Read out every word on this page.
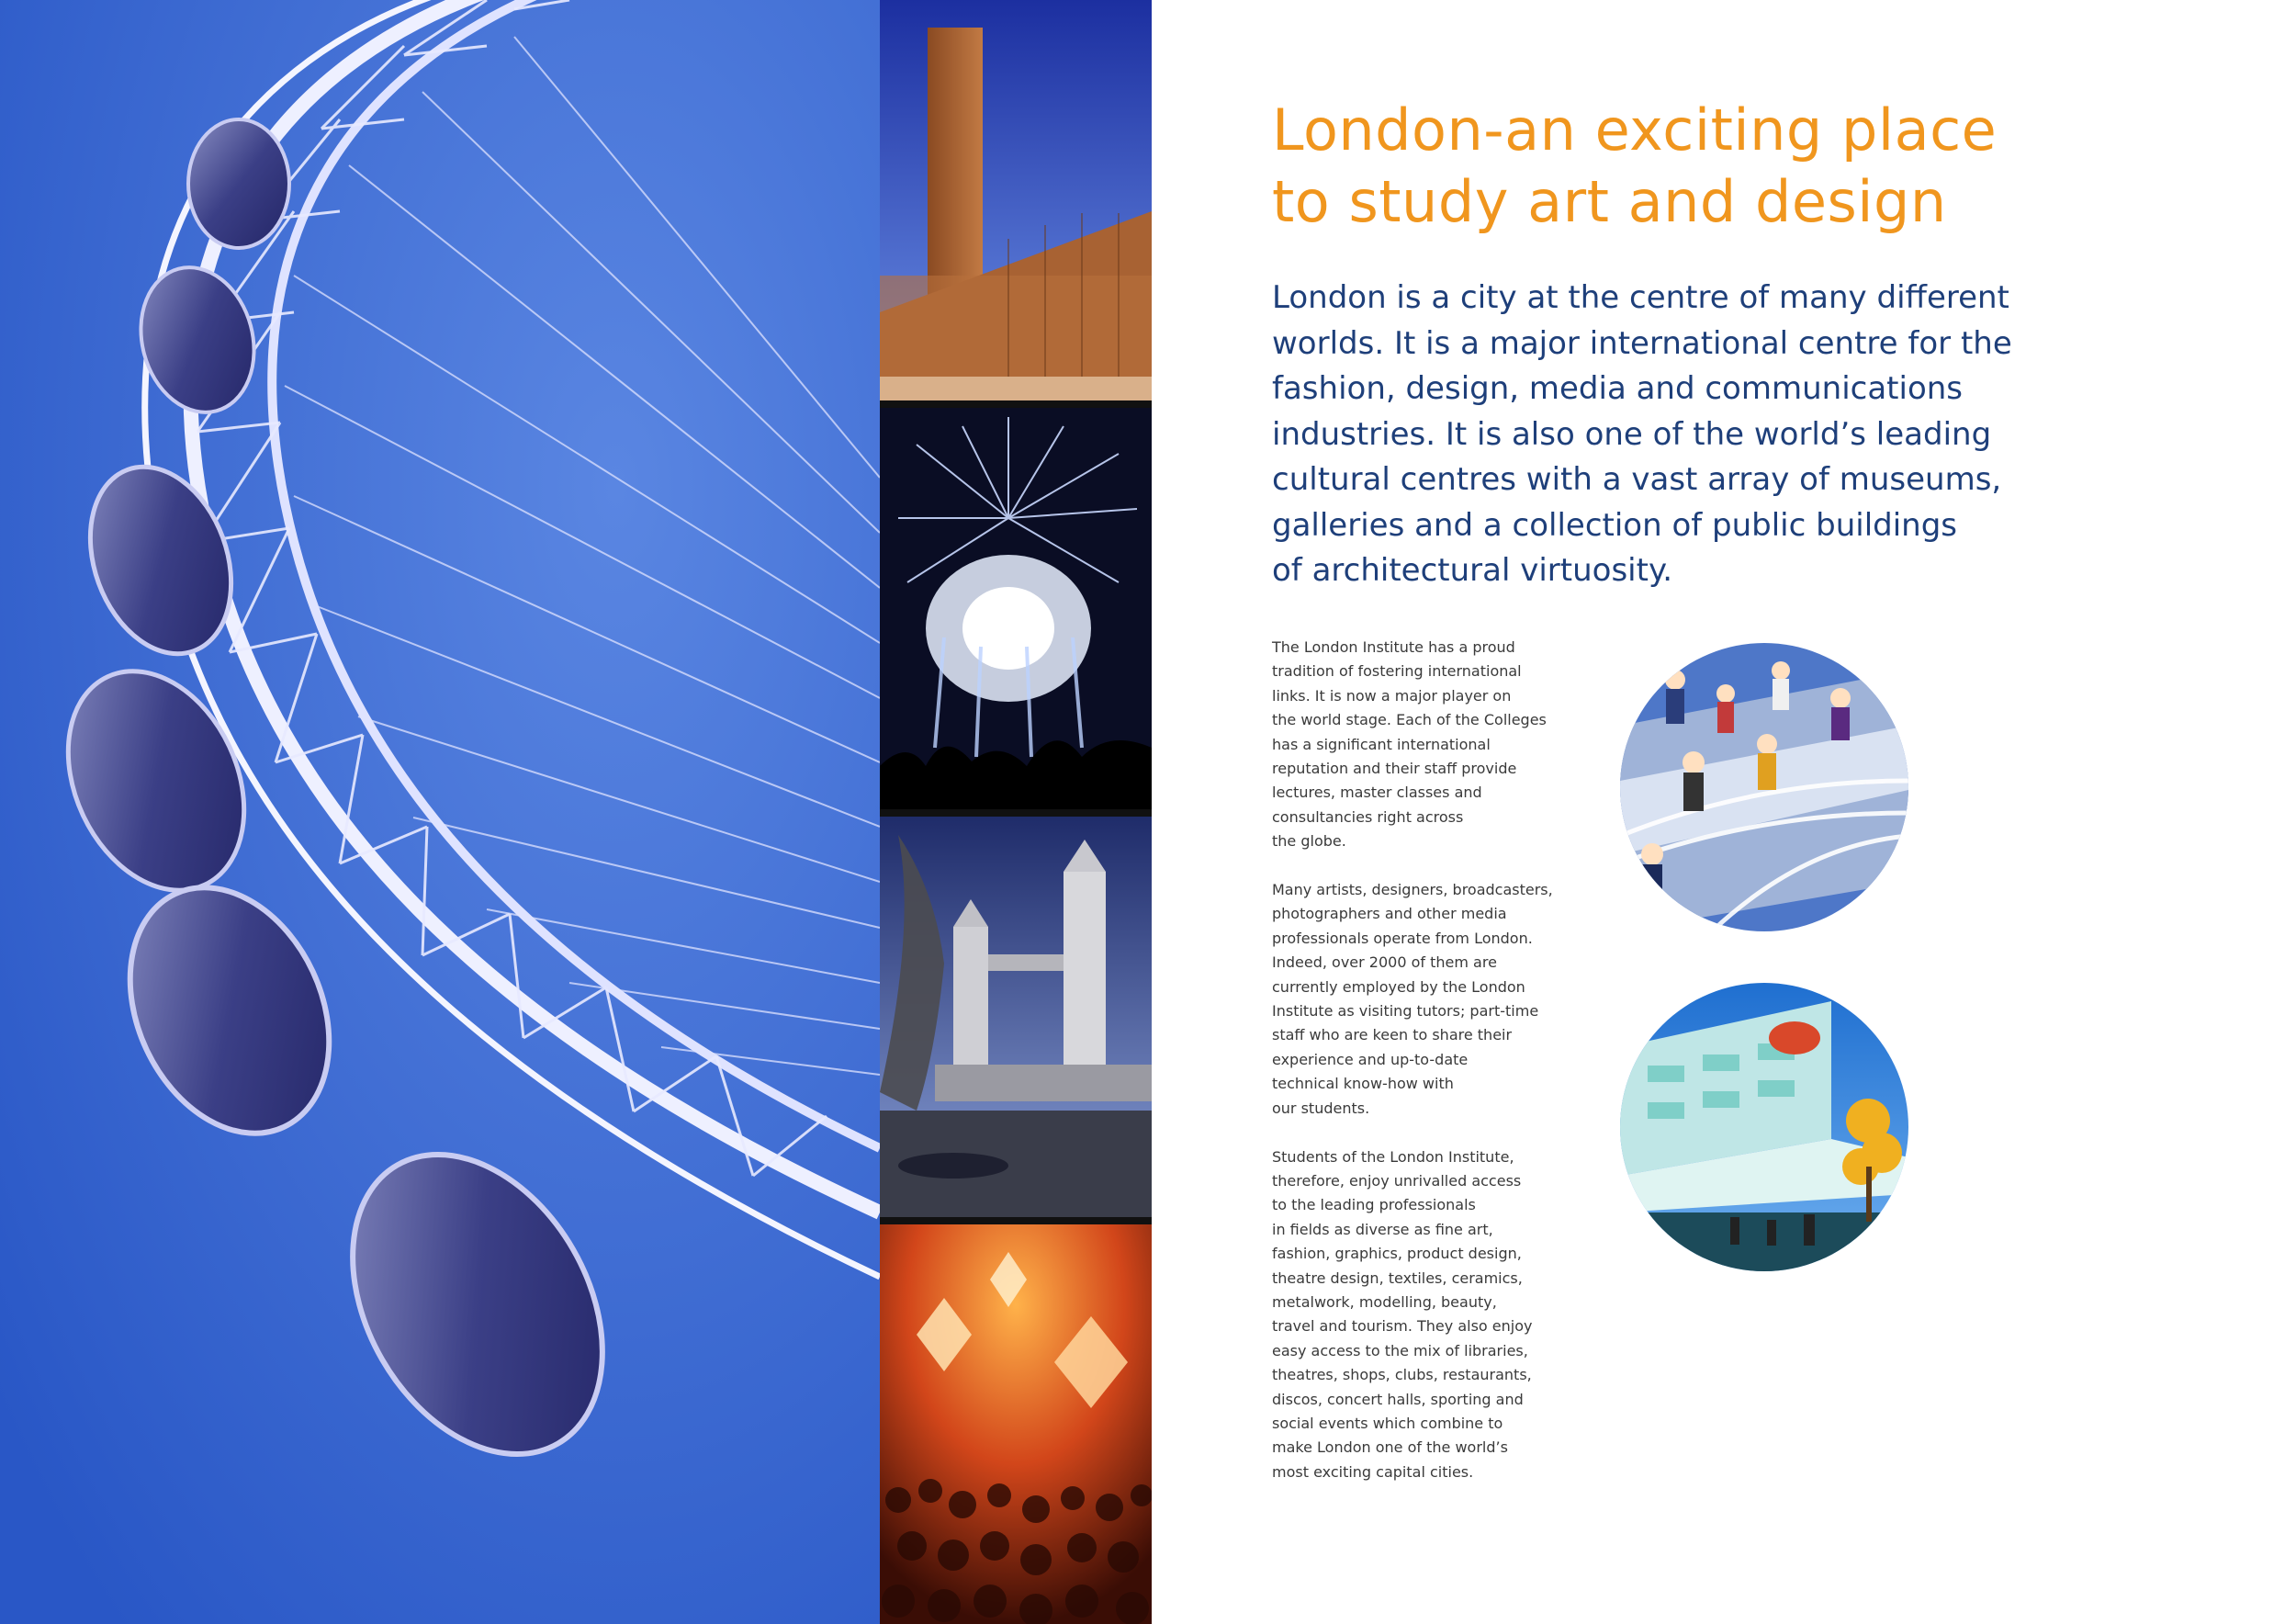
London-an exciting place
to study art and design
London is a city at the centre of many different
worlds. It is a major international centre for the
fashion, design, media and communications
industries. It is also one of the world’s leading
cultural centres with a vast array of museums,
galleries and a collection of public buildings
of architectural virtuosity.

The London Institute has a proud
tradition of fostering international
links. It is now a major player on
the world stage. Each of the Colleges
has a significant international
reputation and their staff provide
lectures, master classes and
consultancies right across
the globe.

Many artists, designers, broadcasters,
photographers and other media
professionals operate from London.
Indeed, over 2000 of them are
currently employed by the London
Institute as visiting tutors; part-time
staff who are keen to share their
experience and up-to-date
technical know-how with
our students.

Students of the London Institute,
therefore, enjoy unrivalled access
to the leading professionals
in fields as diverse as fine art,
fashion, graphics, product design,
theatre design, textiles, ceramics,
metalwork, modelling, beauty,
travel and tourism. They also enjoy
easy access to the mix of libraries,
theatres, shops, clubs, restaurants,
discos, concert halls, sporting and
social events which combine to
make London one of the world’s
most exciting capital cities.
